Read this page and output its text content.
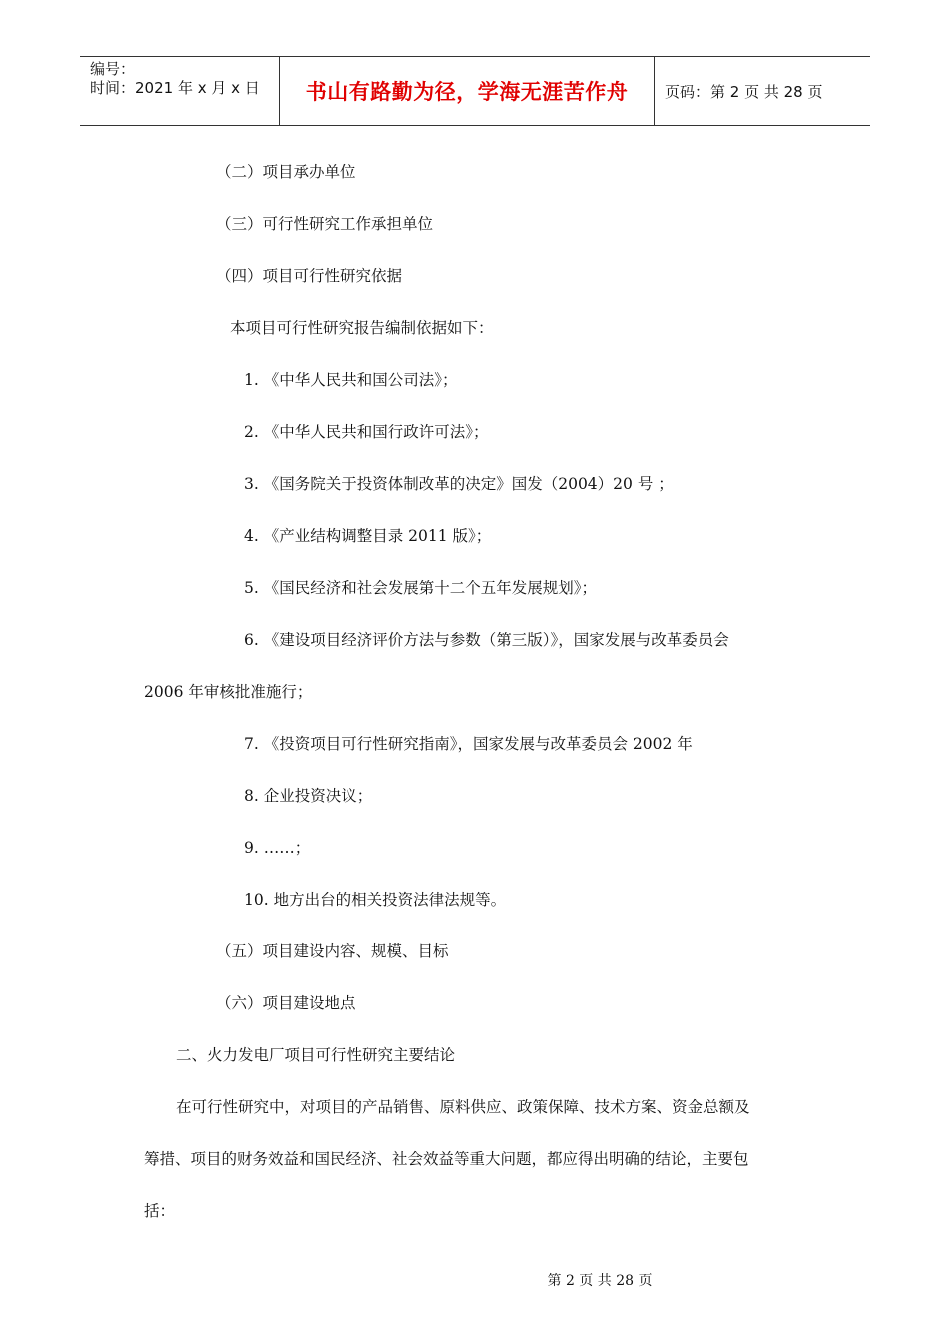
编号：
时间：2021 年 x 月 x 日	书山有路勤为径，学海无涯苦作舟	页码：第 2 页 共 28 页
（二）项目承办单位
（三）可行性研究工作承担单位
（四）项目可行性研究依据
本项目可行性研究报告编制依据如下：
1. 《中华人民共和国公司法》；
2. 《中华人民共和国行政许可法》；
3. 《国务院关于投资体制改革的决定》国发（2004）20 号 ；
4. 《产业结构调整目录 2011 版》；
5. 《国民经济和社会发展第十二个五年发展规划》；
6. 《建设项目经济评价方法与参数（第三版）》，国家发展与改革委员会
2006 年审核批准施行；
7. 《投资项目可行性研究指南》，国家发展与改革委员会 2002 年
8. 企业投资决议；
9. ……；
10. 地方出台的相关投资法律法规等。
（五）项目建设内容、规模、目标
（六）项目建设地点
二、火力发电厂项目可行性研究主要结论
在可行性研究中，对项目的产品销售、原料供应、政策保障、技术方案、资金总额及
筹措、项目的财务效益和国民经济、社会效益等重大问题，都应得出明确的结论，主要包
括：
第 2 页 共 28 页
